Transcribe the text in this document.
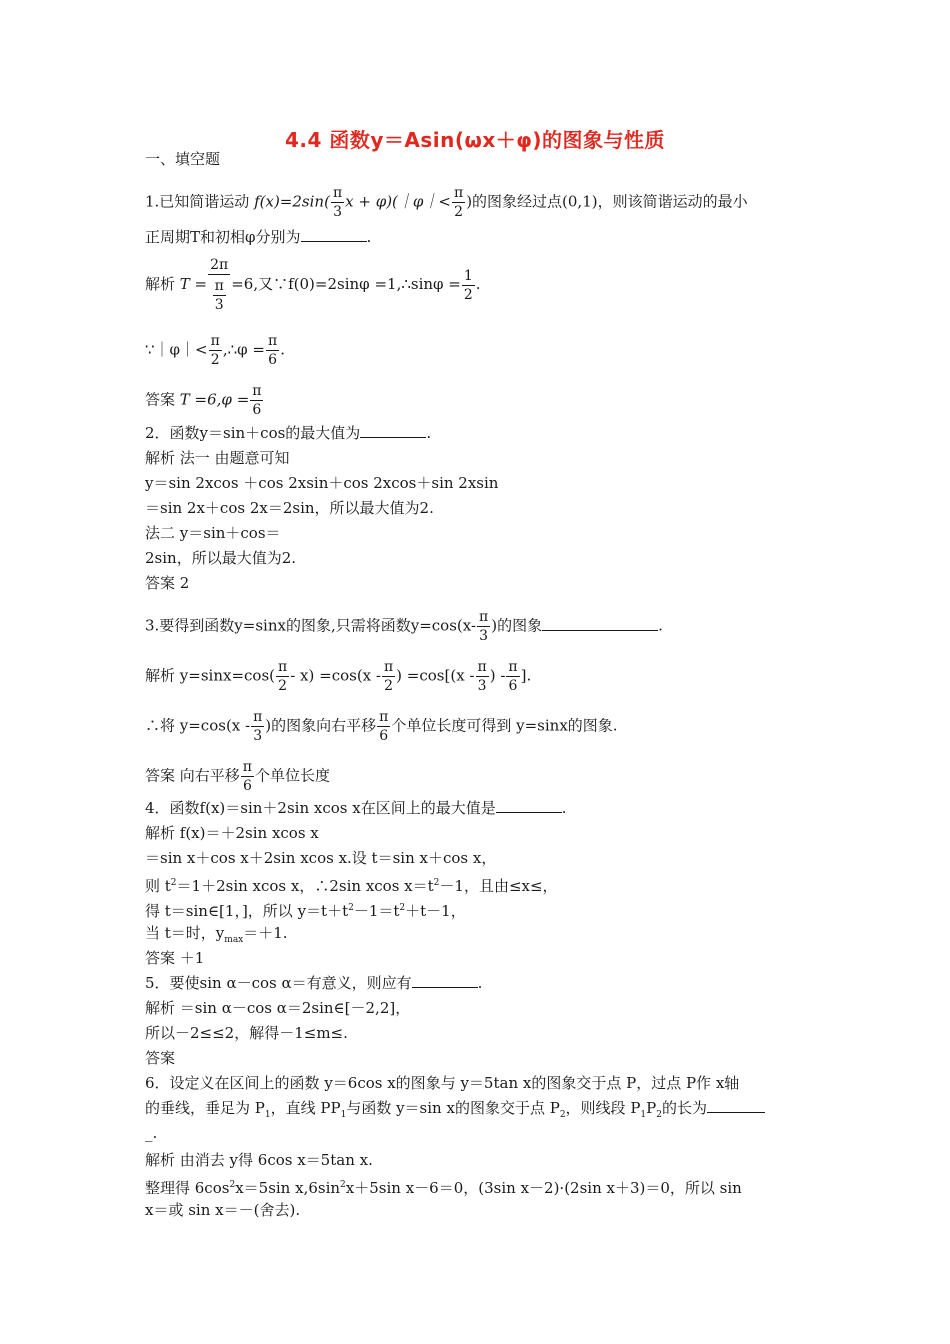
4.4 函数y＝Asin(ωx＋φ)的图象与性质
一、填空题
1.已知简谐运动 $f(x)=2\sin( \frac{\pi}{3}$ x + φ)(｜φ｜< $\frac{\pi}{2}$ )的图象经过点(0,1)，则该简谐运动的最小
正周期T和初相φ分别为	.
解析 $T = \frac{2\pi}{\frac{\pi}{3}} =6$,又∵f(0)=2sinφ =1,∴sinφ = $\frac{1}{2}$ .
∵｜φ｜< $\frac{\pi}{2}$ ,∴φ = $\frac{\pi}{6}$ .
答案 $T =6,\varphi = \frac{\pi}{6}$
2．函数y＝sin＋cos的最大值为	.
解析 法一 由题意可知
y＝sin 2xcos ＋cos 2xsin＋cos 2xcos＋sin 2xsin
＝sin 2x＋cos 2x＝2sin，所以最大值为2.
法二 y＝sin＋cos＝
2sin，所以最大值为2.
答案 2
3.要得到函数y=sinx的图象,只需将函数$y=\cos(x- \frac{\pi}{3}$ )的图象	.
解析 $y=\sin x=\cos( \frac{\pi}{2} - x) =\cos(x - \frac{\pi}{2}$ ) $=\cos[(x - \frac{\pi}{3}$ ) - $\frac{\pi}{6}$ ].
∴将 $y=\cos(x - \frac{\pi}{3}$ )的图象向右平移 $\frac{\pi}{6}$ 个单位长度可得到 y=sinx的图象.
答案 向右平移 $\frac{\pi}{6}$ 个单位长度
4．函数f(x)＝sin＋2sin xcos x在区间上的最大值是	.
解析 f(x)＝＋2sin xcos x
＝sin x＋cos x＋2sin xcos x.设 t＝sin x＋cos x，
则 $t^2=1+2\sin$ xcos x，∴2sin xcos $x=t^2-1$，且由≤x≤，
得 t＝sin∈[1，]，所以 $y=t+t^2-1=t^2+t-1$，
当 t＝时，$y_{max}=+1$.
答案 ＋1
5．要使sin α－cos α＝有意义，则应有	.
解析 ＝sin α－cos α＝2sin∈[－2,2]，
所以－2≤≤2，解得－1≤m≤.
答案
6．设定义在区间上的函数 y＝6cos x的图象与 y＝5tan x的图象交于点 P，过点 P作 x轴
的垂线，垂足为 $P_1$，直线 $PP_1$与函数 y＝sin x的图象交于点 $P_2$，则线段 $P_1P_2$的长为
_.
解析 由消去 y得 6cos x＝5tan x.
整理得 $6\cos^2x=5\sin$ $x,6\sin^2x+5\sin$ x－6＝0，(3sin x－2)·(2sin x＋3)＝0，所以 sin
x＝或 sin x＝－(舍去).
